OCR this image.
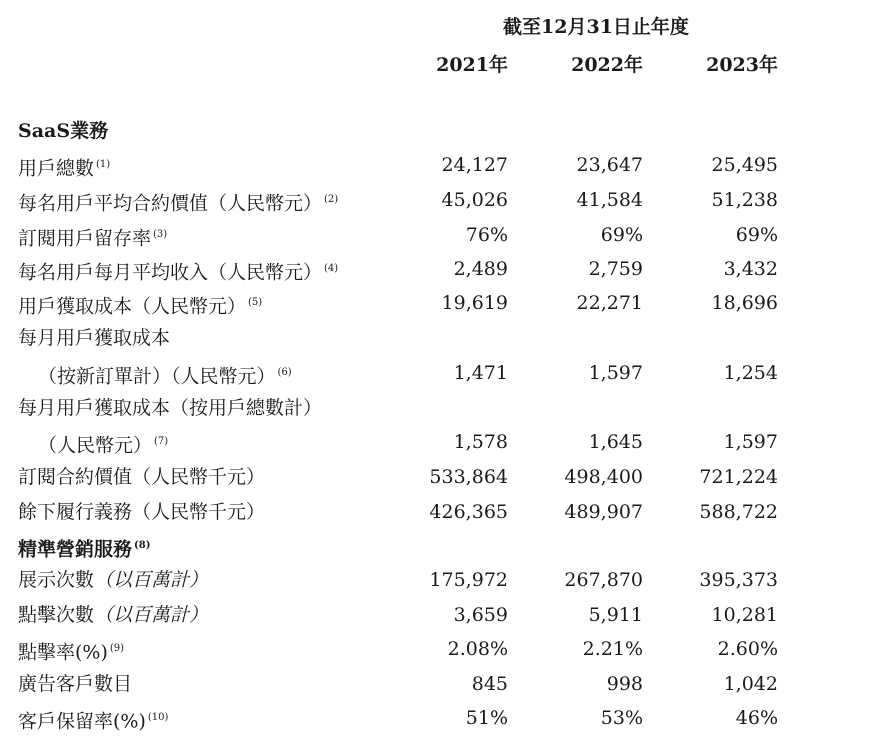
截至12月31日止年度
2021年	2022年	2023年
SaaS業務
用戶總數 $^{(1)}$	24,127	23,647	25,495
每名用戶平均合約價值（人民幣元） $^{(2)}$	45,026	41,584	51,238
訂閱用戶留存率 $^{(3)}$	76%	69%	69%
每名用戶每月平均收入（人民幣元） $^{(4)}$	2,489	2,759	3,432
用戶獲取成本（人民幣元） $^{(5)}$	19,619	22,271	18,696
每月用戶獲取成本
（按新訂單計）（人民幣元） $^{(6)}$	1,471	1,597	1,254
每月用戶獲取成本（按用戶總數計）
（人民幣元） $^{(7)}$	1,578	1,645	1,597
訂閱合約價值（人民幣千元）	533,864	498,400	721,224
餘下履行義務（人民幣千元）	426,365	489,907	588,722
精準營銷服務 $^{(8)}$
展示次數（以百萬計）	175,972	267,870	395,373
點擊次數（以百萬計）	3,659	5,911	10,281
點擊率(%) $^{(9)}$	2.08%	2.21%	2.60%
廣告客戶數目	845	998	1,042
客戶保留率(%) $^{(10)}$	51%	53%	46%
